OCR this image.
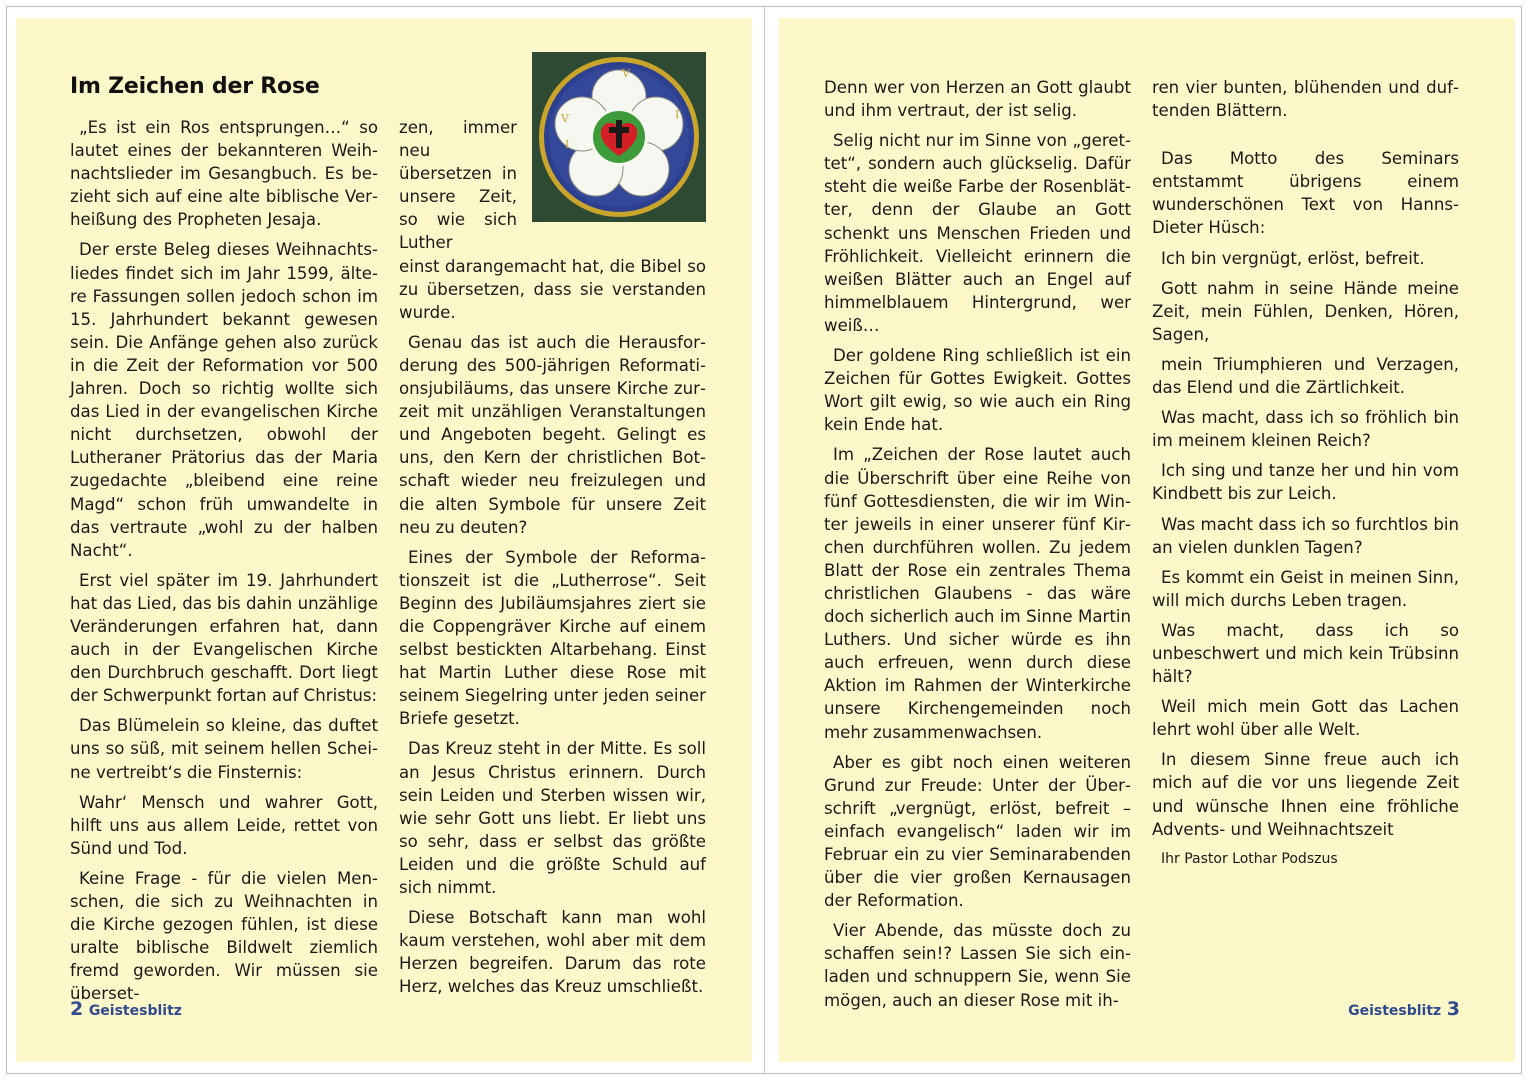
Im Zeichen der Rose

„Es ist ein Ros entsprungen…“ so lautet eines der bekannteren Weihnachtslieder im Gesangbuch. Es bezieht sich auf eine alte biblische Verheißung des Propheten Jesaja.

Der erste Beleg dieses Weihnachtsliedes findet sich im Jahr 1599, ältere Fassungen sollen jedoch schon im 15. Jahrhundert bekannt gewesen sein. Die Anfänge gehen also zurück in die Zeit der Reformation vor 500 Jahren. Doch so richtig wollte sich das Lied in der evangelischen Kirche nicht durchsetzen, obwohl der Lutheraner Prätorius das der Maria zugedachte „bleibend eine reine Magd“ schon früh umwandelte in das vertraute „wohl zu der halben Nacht“.

Erst viel später im 19. Jahrhundert hat das Lied, das bis dahin unzählige Veränderungen erfahren hat, dann auch in der Evangelischen Kirche den Durchbruch geschafft. Dort liegt der Schwerpunkt fortan auf Christus:

Das Blümelein so kleine, das duftet uns so süß, mit seinem hellen Scheine vertreibt‘s die Finsternis:

Wahr‘ Mensch und wahrer Gott, hilft uns aus allem Leide, rettet von Sünd und Tod.

Keine Frage - für die vielen Menschen, die sich zu Weihnachten in die Kirche gezogen fühlen, ist diese uralte biblische Bildwelt ziemlich fremd geworden. Wir müssen sie überset-

zen, immer

neu übersetzen in unsere Zeit, so wie sich Luther

einst darangemacht hat, die Bibel so zu übersetzen, dass sie verstanden wurde.

Genau das ist auch die Herausforderung des 500-jährigen Reformationsjubiläums, das unsere Kirche zurzeit mit unzähligen Veranstaltungen und Angeboten begeht. Gelingt es uns, den Kern der christlichen Botschaft wieder neu freizulegen und die alten Symbole für unsere Zeit neu zu deuten?

Eines der Symbole der Reformationszeit ist die „Lutherrose“. Seit Beginn des Jubiläumsjahres ziert sie die Coppengräver Kirche auf einem selbst bestickten Altarbehang. Einst hat Martin Luther diese Rose mit seinem Siegelring unter jeden seiner Briefe gesetzt.

Das Kreuz steht in der Mitte. Es soll an Jesus Christus erinnern. Durch sein Leiden und Sterben wissen wir, wie sehr Gott uns liebt. Er liebt uns so sehr, dass er selbst das größte Leiden und die größte Schuld auf sich nimmt.

Diese Botschaft kann man wohl kaum verstehen, wohl aber mit dem Herzen begreifen. Darum das rote Herz, welches das Kreuz umschließt.

V
I
V
I
2 Geistesblitz

Denn wer von Herzen an Gott glaubt und ihm vertraut, der ist selig.

Selig nicht nur im Sinne von „gerettet“, sondern auch glückselig. Dafür steht die weiße Farbe der Rosenblätter, denn der Glaube an Gott schenkt uns Menschen Frieden und Fröhlichkeit. Vielleicht erinnern die weißen Blätter auch an Engel auf himmelblauem Hintergrund, wer weiß…

Der goldene Ring schließlich ist ein Zeichen für Gottes Ewigkeit. Gottes Wort gilt ewig, so wie auch ein Ring kein Ende hat.

Im „Zeichen der Rose lautet auch die Überschrift über eine Reihe von fünf Gottesdiensten, die wir im Winter jeweils in einer unserer fünf Kirchen durchführen wollen. Zu jedem Blatt der Rose ein zentrales Thema christlichen Glaubens - das wäre doch sicherlich auch im Sinne Martin Luthers. Und sicher würde es ihn auch erfreuen, wenn durch diese Aktion im Rahmen der Winterkirche unsere Kirchengemeinden noch mehr zusammenwachsen.

Aber es gibt noch einen weiteren Grund zur Freude: Unter der Überschrift „vergnügt, erlöst, befreit – einfach evangelisch“ laden wir im Februar ein zu vier Seminarabenden über die vier großen Kernausagen der Reformation.

Vier Abende, das müsste doch zu schaffen sein!? Lassen Sie sich einladen und schnuppern Sie, wenn Sie mögen, auch an dieser Rose mit ih-

ren vier bunten, blühenden und duftenden Blättern.

Das Motto des Seminars entstammt übrigens einem wunderschönen Text von Hanns-Dieter Hüsch:

Ich bin vergnügt, erlöst, befreit.

Gott nahm in seine Hände meine Zeit, mein Fühlen, Denken, Hören, Sagen,

mein Triumphieren und Verzagen, das Elend und die Zärtlichkeit.

Was macht, dass ich so fröhlich bin im meinem kleinen Reich?

Ich sing und tanze her und hin vom Kindbett bis zur Leich.

Was macht dass ich so furchtlos bin an vielen dunklen Tagen?

Es kommt ein Geist in meinen Sinn, will mich durchs Leben tragen.

Was macht, dass ich so unbeschwert und mich kein Trübsinn hält?

Weil mich mein Gott das Lachen lehrt wohl über alle Welt.

In diesem Sinne freue auch ich mich auf die vor uns liegende Zeit und wünsche Ihnen eine fröhliche Advents- und Weihnachtszeit

Ihr Pastor Lothar Podszus

Geistesblitz 3
